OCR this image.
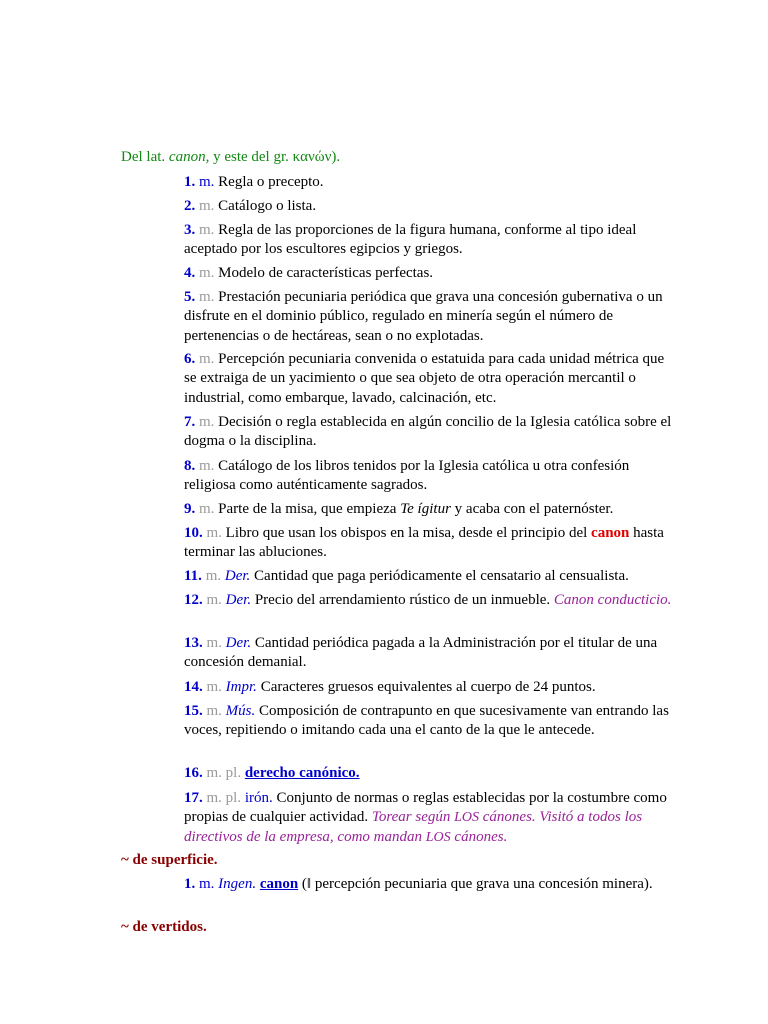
Del lat. canon, y este del gr. κανών).
1. m. Regla o precepto.
2. m. Catálogo o lista.
3. m. Regla de las proporciones de la figura humana, conforme al tipo ideal aceptado por los escultores egipcios y griegos.
4. m. Modelo de características perfectas.
5. m. Prestación pecuniaria periódica que grava una concesión gubernativa o un disfrute en el dominio público, regulado en minería según el número de pertenencias o de hectáreas, sean o no explotadas.
6. m. Percepción pecuniaria convenida o estatuida para cada unidad métrica que se extraiga de un yacimiento o que sea objeto de otra operación mercantil o industrial, como embarque, lavado, calcinación, etc.
7. m. Decisión o regla establecida en algún concilio de la Iglesia católica sobre el dogma o la disciplina.
8. m. Catálogo de los libros tenidos por la Iglesia católica u otra confesión religiosa como auténticamente sagrados.
9. m. Parte de la misa, que empieza Te ígitur y acaba con el paternóster.
10. m. Libro que usan los obispos en la misa, desde el principio del canon hasta terminar las abluciones.
11. m. Der. Cantidad que paga periódicamente el censatario al censualista.
12. m. Der. Precio del arrendamiento rústico de un inmueble. Canon conducticio.
13. m. Der. Cantidad periódica pagada a la Administración por el titular de una concesión demanial.
14. m. Impr. Caracteres gruesos equivalentes al cuerpo de 24 puntos.
15. m. Mús. Composición de contrapunto en que sucesivamente van entrando las voces, repitiendo o imitando cada una el canto de la que le antecede.
16. m. pl. derecho canónico.
17. m. pl. irón. Conjunto de normas o reglas establecidas por la costumbre como propias de cualquier actividad. Torear según LOS cánones. Visitó a todos los directivos de la empresa, como mandan LOS cánones.
~ de superficie.
1. m. Ingen. canon (‖ percepción pecuniaria que grava una concesión minera).
~ de vertidos.
